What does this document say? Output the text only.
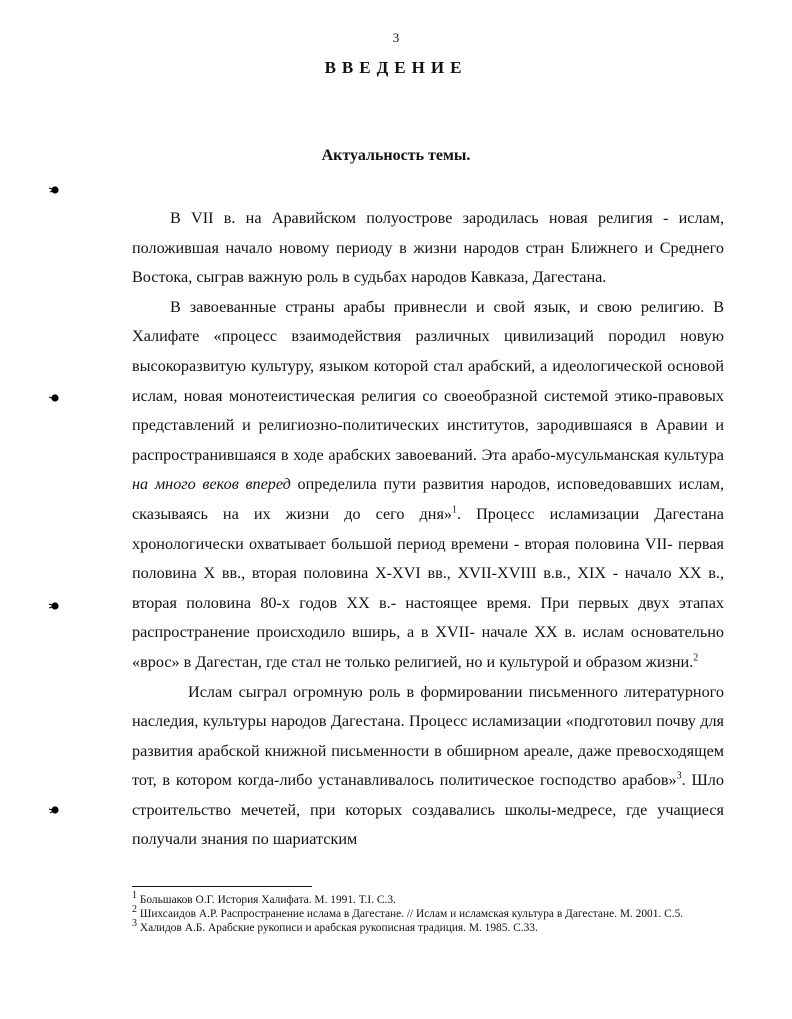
3
ВВЕДЕНИЕ
Актуальность темы.

В VII в. на Аравийском полуострове зародилась новая религия - ислам, положившая начало новому периоду в жизни народов стран Ближнего и Среднего Востока, сыграв важную роль в судьбах народов Кавказа, Дагестана.

В завоеванные страны арабы привнесли и свой язык, и свою религию. В Халифате «процесс взаимодействия различных цивилизаций породил новую высокоразвитую культуру, языком которой стал арабский, а идеологической основой ислам, новая монотеистическая религия со своеобразной системой этико-правовых представлений и религиозно-политических институтов, зародившаяся в Аравии и распространившаяся в ходе арабских завоеваний. Эта арабо-мусульманская культура на много веков вперед определила пути развития народов, исповедовавших ислам, сказываясь на их жизни до сего дня»$^1$. Процесс исламизации Дагестана хронологически охватывает большой период времени - вторая половина VII- первая половина X вв., вторая половина X-XVI вв., XVII-XVIII в.в., XIX - начало XX в., вторая половина 80-х годов XX в.- настоящее время. При первых двух этапах распространение происходило вширь, а в XVII- начале XX в. ислам основательно «врос» в Дагестан, где стал не только религией, но и культурой и образом жизни.$^2$

Ислам сыграл огромную роль в формировании письменного литературного наследия, культуры народов Дагестана. Процесс исламизации «подготовил почву для развития арабской книжной письменности в обширном ареале, даже превосходящем тот, в котором когда-либо устанавливалось политическое господство арабов»$^3$. Шло строительство мечетей, при которых создавались школы-медресе, где учащиеся получали знания по шариатским

$^1$ Большаков О.Г. История Халифата. М. 1991. Т.I. С.3.

$^2$ Шихсаидов А.Р. Распространение ислама в Дагестане. // Ислам и исламская культура в Дагестане. М. 2001. С.5.

$^3$ Халидов А.Б. Арабские рукописи и арабская рукописная традиция. М. 1985. С.33.
